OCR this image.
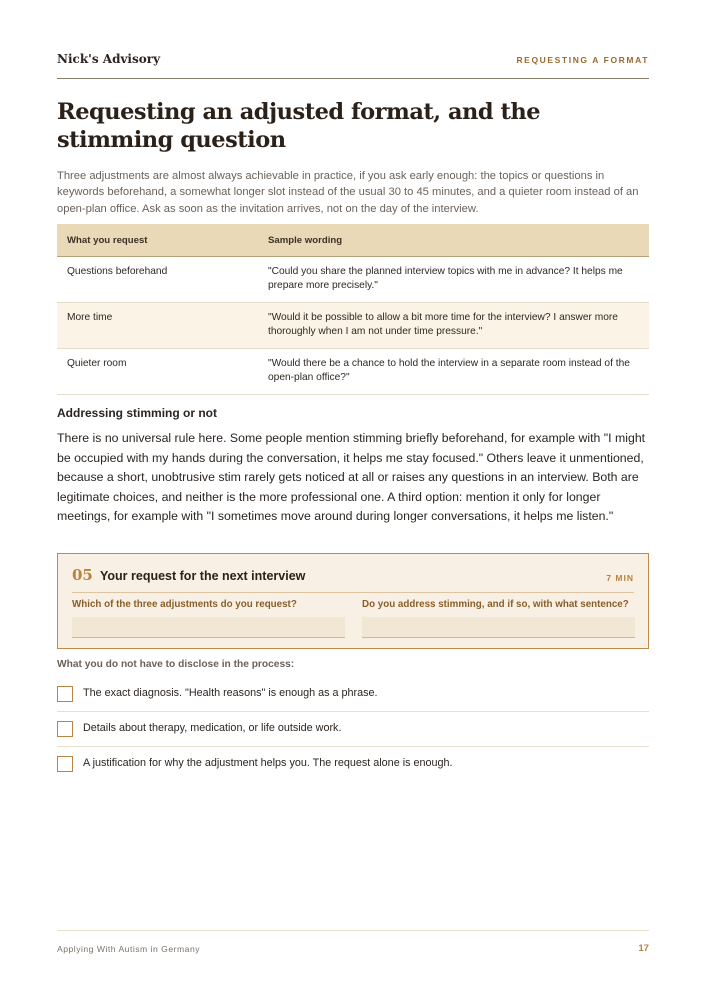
Nick's Advisory	REQUESTING A FORMAT
Requesting an adjusted format, and the stimming question

Three adjustments are almost always achievable in practice, if you ask early enough: the topics or questions in keywords beforehand, a somewhat longer slot instead of the usual 30 to 45 minutes, and a quieter room instead of an open-plan office. Ask as soon as the invitation arrives, not on the day of the interview.

What you request	Sample wording
Questions beforehand	"Could you share the planned interview topics with me in advance? It helps me prepare more precisely."
More time	"Would it be possible to allow a bit more time for the interview? I answer more thoroughly when I am not under time pressure."
Quieter room	"Would there be a chance to hold the interview in a separate room instead of the open-plan office?"
Addressing stimming or not

There is no universal rule here. Some people mention stimming briefly beforehand, for example with "I might be occupied with my hands during the conversation, it helps me stay focused." Others leave it unmentioned, because a short, unobtrusive stim rarely gets noticed at all or raises any questions in an interview. Both are legitimate choices, and neither is the more professional one. A third option: mention it only for longer meetings, for example with "I sometimes move around during longer conversations, it helps me listen."

05 Your request for the next interview	7 MIN
Which of the three adjustments do you request?	Do you address stimming, and if so, with what sentence?
What you do not have to disclose in the process:
The exact diagnosis. "Health reasons" is enough as a phrase.
Details about therapy, medication, or life outside work.
A justification for why the adjustment helps you. The request alone is enough.
Applying With Autism in Germany	17
